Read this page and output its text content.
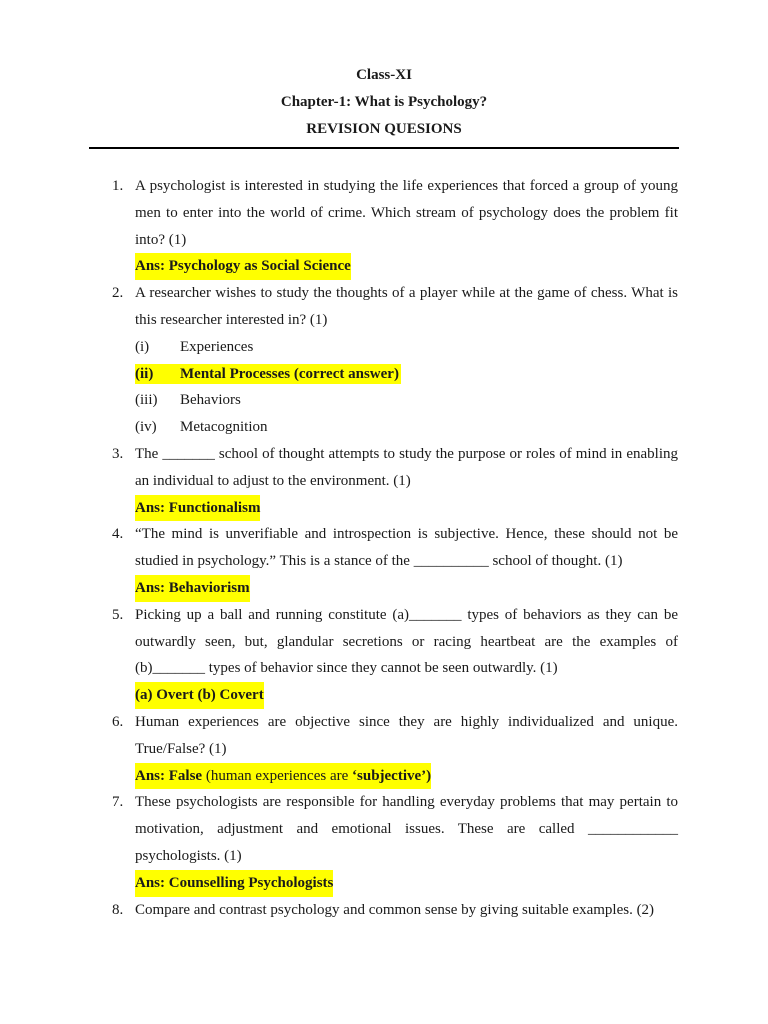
Class-XI
Chapter-1: What is Psychology?
REVISION QUESIONS
1. A psychologist is interested in studying the life experiences that forced a group of young
men to enter into the world of crime. Which stream of psychology does the problem fit
into? (1)
Ans: Psychology as Social Science
2. A researcher wishes to study the thoughts of a player while at the game of chess. What is
this researcher interested in? (1)
(i) Experiences
(ii) Mental Processes (correct answer)
(iii) Behaviors
(iv) Metacognition
3. The _______ school of thought attempts to study the purpose or roles of mind in enabling
an individual to adjust to the environment. (1)
Ans: Functionalism
4. “The mind is unverifiable and introspection is subjective. Hence, these should not be
studied in psychology.” This is a stance of the __________ school of thought. (1)
Ans: Behaviorism
5. Picking up a ball and running constitute (a)_______ types of behaviors as they can be
outwardly seen, but, glandular secretions or racing heartbeat are the examples of
(b)_______ types of behavior since they cannot be seen outwardly. (1)
(a) Overt (b) Covert
6. Human experiences are objective since they are highly individualized and unique.
True/False? (1)
Ans: False (human experiences are ‘subjective’)
7. These psychologists are responsible for handling everyday problems that may pertain to
motivation, adjustment and emotional issues. These are called ____________
psychologists. (1)
Ans: Counselling Psychologists
8. Compare and contrast psychology and common sense by giving suitable examples. (2)
